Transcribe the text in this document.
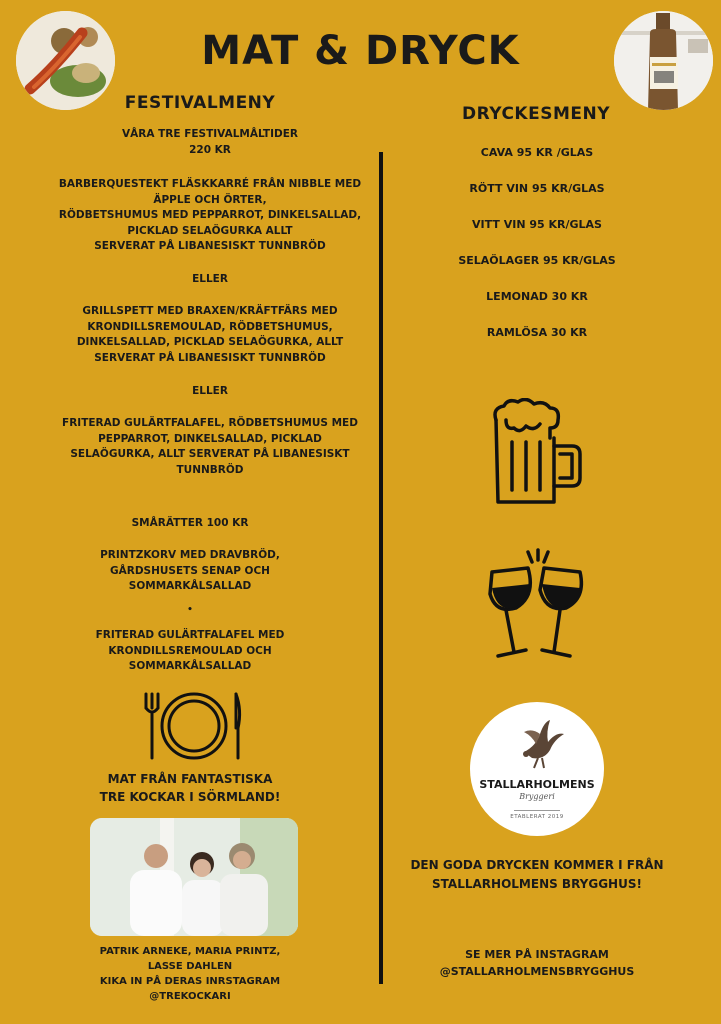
MAT & DRYCK
FESTIVALMENY
VÅRA TRE FESTIVALMÅLTIDER
220 KR
BARBERQUESTEKT FLÄSKKARRÉ FRÅN NIBBLE MED
ÄPPLE OCH ÖRTER,
RÖDBETSHUMUS MED PEPPARROT, DINKELSALLAD,
PICKLAD SELAÖGURKA ALLT
SERVERAT PÅ LIBANESISKT TUNNBRÖD
ELLER
GRILLSPETT MED BRAXEN/KRÄFTFÄRS MED
KRONDILLSREMOULAD, RÖDBETSHUMUS,
DINKELSALLAD, PICKLAD SELAÖGURKA, ALLT
SERVERAT PÅ LIBANESISKT TUNNBRÖD
ELLER
FRITERAD GULÄRTFALAFEL, RÖDBETSHUMUS MED
PEPPARROT, DINKELSALLAD, PICKLAD
SELAÖGURKA, ALLT SERVERAT PÅ LIBANESISKT
TUNNBRÖD
SMÅRÄTTER 100 KR
PRINTZKORV MED DRAVBRÖD,
GÅRDSHUSETS SENAP OCH
SOMMARKÅLSALLAD
•
FRITERAD GULÄRTFALAFEL MED
KRONDILLSREMOULAD OCH
SOMMARKÅLSALLAD
MAT FRÅN FANTASTISKA
TRE KOCKAR I SÖRMLAND!
PATRIK ARNEKE, MARIA PRINTZ,
LASSE DAHLEN
KIKA IN PÅ DERAS INRSTAGRAM
@TREKOCKARI
DRYCKESMENY
CAVA 95 KR /GLAS
RÖTT VIN 95 KR/GLAS
VITT VIN 95 KR/GLAS
SELAÖLAGER 95 KR/GLAS
LEMONAD 30 KR
RAMLÖSA 30 KR
STALLARHOLMENS
Bryggeri
ETABLERAT 2019
DEN GODA DRYCKEN KOMMER I FRÅN
STALLARHOLMENS BRYGGHUS!
SE MER PÅ INSTAGRAM
@STALLARHOLMENSBRYGGHUS
